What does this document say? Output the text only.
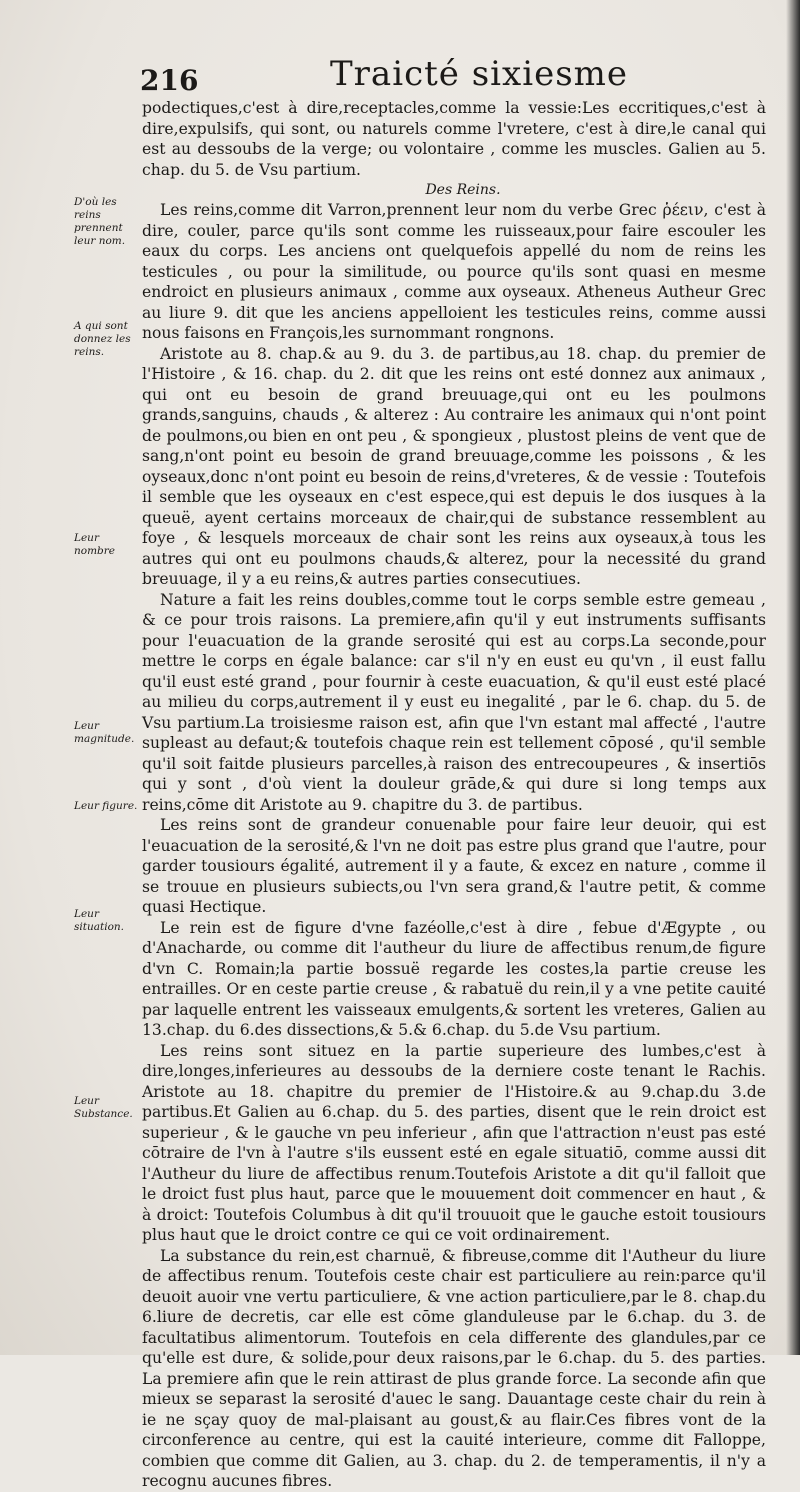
216	Traicté sixiesme

podectiques,c'est à dire,receptacles,comme la vessie:Les eccritiques,c'est à dire,expulsifs, qui sont, ou naturels comme l'vretere, c'est à dire,le canal qui est au dessoubs de la verge; ou volontaire , comme les muscles. Galien au 5. chap. du 5. de Vsu partium.

Des Reins.

Les reins,comme dit Varron,prennent leur nom du verbe Grec ῥέειν, c'est à dire, couler, parce qu'ils sont comme les ruisseaux,pour faire escouler les eaux du corps. Les anciens ont quelquefois appellé du nom de reins les testicules , ou pour la similitude, ou pource qu'ils sont quasi en mesme endroict en plusieurs animaux , comme aux oyseaux. Atheneus Autheur Grec au liure 9. dit que les anciens appelloient les testicules reins, comme aussi nous faisons en François,les surnommant rongnons.

Aristote au 8. chap.& au 9. du 3. de partibus,au 18. chap. du premier de l'Histoire , & 16. chap. du 2. dit que les reins ont esté donnez aux animaux , qui ont eu besoin de grand breuuage,qui ont eu les poulmons grands,sanguins, chauds , & alterez : Au contraire les animaux qui n'ont point de poulmons,ou bien en ont peu , & spongieux , plustost pleins de vent que de sang,n'ont point eu besoin de grand breuuage,comme les poissons , & les oyseaux,donc n'ont point eu besoin de reins,d'vreteres, & de vessie : Toutefois il semble que les oyseaux en c'est espece,qui est depuis le dos iusques à la queuë, ayent certains morceaux de chair,qui de substance ressemblent au foye , & lesquels morceaux de chair sont les reins aux oyseaux,à tous les autres qui ont eu poulmons chauds,& alterez, pour la necessité du grand breuuage, il y a eu reins,& autres parties consecutiues.

Nature a fait les reins doubles,comme tout le corps semble estre gemeau , & ce pour trois raisons. La premiere,afin qu'il y eut instruments suffisants pour l'euacuation de la grande serosité qui est au corps.La seconde,pour mettre le corps en égale balance: car s'il n'y en eust eu qu'vn , il eust fallu qu'il eust esté grand , pour fournir à ceste euacuation, & qu'il eust esté placé au milieu du corps,autrement il y eust eu inegalité , par le 6. chap. du 5. de Vsu partium.La troisiesme raison est, afin que l'vn estant mal affecté , l'autre supleast au defaut;& toutefois chaque rein est tellement cōposé , qu'il semble qu'il soit faitde plusieurs parcelles,à raison des entrecoupeures , & insertiōs qui y sont , d'où vient la douleur grāde,& qui dure si long temps aux reins,cōme dit Aristote au 9. chapitre du 3. de partibus.

Les reins sont de grandeur conuenable pour faire leur deuoir, qui est l'euacuation de la serosité,& l'vn ne doit pas estre plus grand que l'autre, pour garder tousiours égalité, autrement il y a faute, & excez en nature , comme il se trouue en plusieurs subiects,ou l'vn sera grand,& l'autre petit, & comme quasi Hectique.

Le rein est de figure d'vne fazéolle,c'est à dire , febue d'Ægypte , ou d'Anacharde, ou comme dit l'autheur du liure de affectibus renum,de figure d'vn C. Romain;la partie bossuë regarde les costes,la partie creuse les entrailles. Or en ceste partie creuse , & rabatuë du rein,il y a vne petite cauité par laquelle entrent les vaisseaux emulgents,& sortent les vreteres, Galien au 13.chap. du 6.des dissections,& 5.& 6.chap. du 5.de Vsu partium.

Les reins sont situez en la partie superieure des lumbes,c'est à dire,longes,inferieures au dessoubs de la derniere coste tenant le Rachis. Aristote au 18. chapitre du premier de l'Histoire.& au 9.chap.du 3.de partibus.Et Galien au 6.chap. du 5. des parties, disent que le rein droict est superieur , & le gauche vn peu inferieur , afin que l'attraction n'eust pas esté cōtraire de l'vn à l'autre s'ils eussent esté en egale situatiō, comme aussi dit l'Autheur du liure de affectibus renum.Toutefois Aristote a dit qu'il falloit que le droict fust plus haut, parce que le mouuement doit commencer en haut , & à droict: Toutefois Columbus à dit qu'il trouuoit que le gauche estoit tousiours plus haut que le droict contre ce qui ce voit ordinairement.

La substance du rein,est charnuë, & fibreuse,comme dit l'Autheur du liure de affectibus renum. Toutefois ceste chair est particuliere au rein:parce qu'il deuoit auoir vne vertu particuliere, & vne action particuliere,par le 8. chap.du 6.liure de decretis, car elle est cōme glanduleuse par le 6.chap. du 3. de facultatibus alimentorum. Toutefois en cela differente des glandules,par ce qu'elle est dure, & solide,pour deux raisons,par le 6.chap. du 5. des parties. La premiere afin que le rein attirast de plus grande force. La seconde afin que mieux se separast la serosité d'auec le sang. Dauantage ceste chair du rein à ie ne sçay quoy de mal-plaisant au goust,& au flair.Ces fibres vont de la circonference au centre, qui est la cauité interieure, comme dit Falloppe, combien que comme dit Galien, au 3. chap. du 2. de temperamentis, il n'y a recognu aucunes fibres.

D'où les reins prennent leur nom.
A qui sont donnez les reins.
Leur nombre
Leur magnitude.
Leur figure.
Leur situation.
Leur Substance.
